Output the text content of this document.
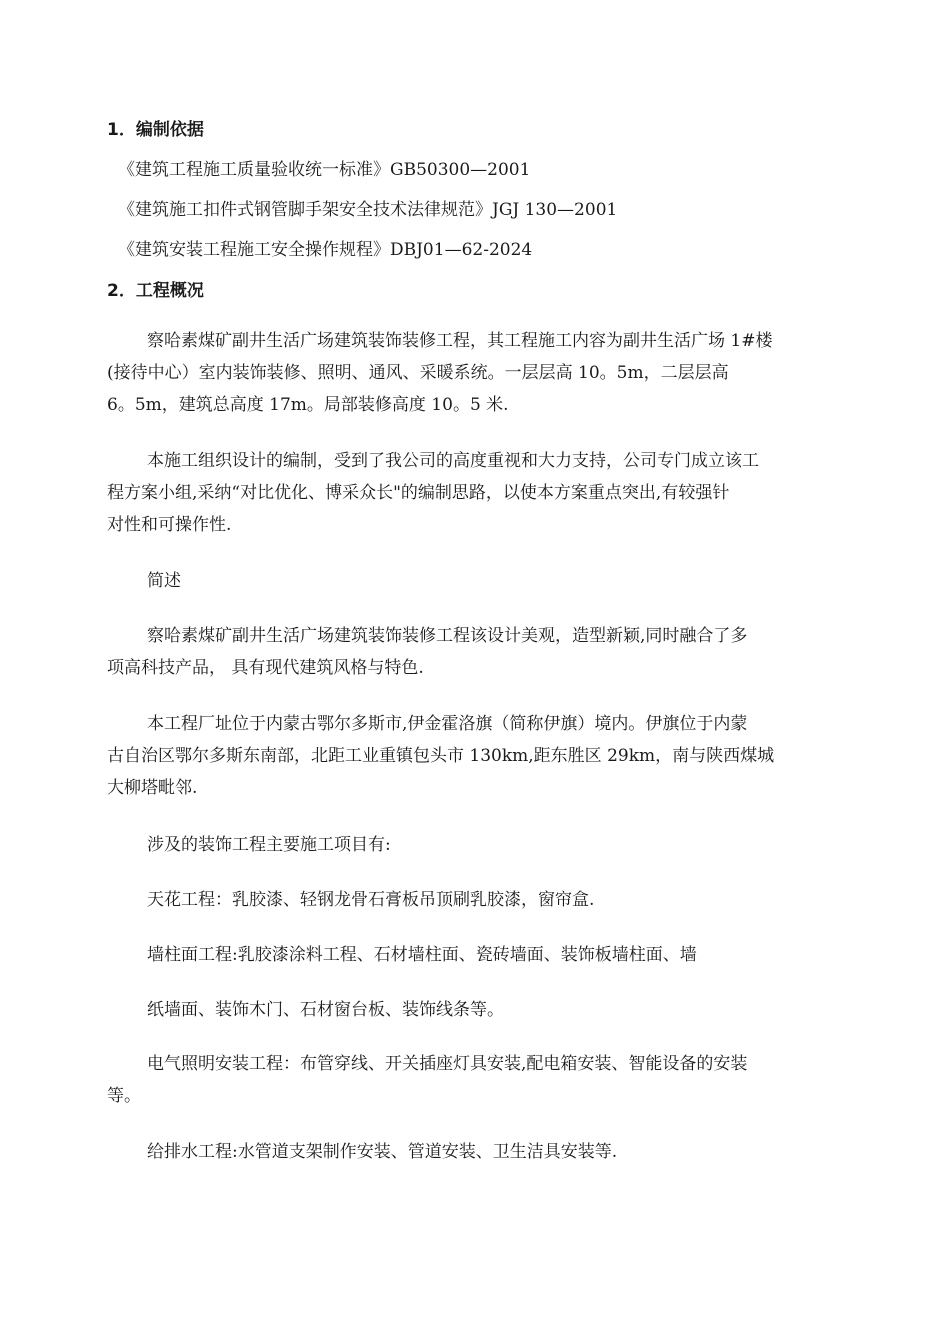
1．编制依据
《建筑工程施工质量验收统一标准》GB50300—2001
《建筑施工扣件式钢管脚手架安全技术法律规范》JGJ 130—2001
《建筑安装工程施工安全操作规程》DBJ01—62-2024
2．工程概况
察哈素煤矿副井生活广场建筑装饰装修工程，其工程施工内容为副井生活广场 1#楼
(接待中心）室内装饰装修、照明、通风、采暖系统。一层层高 10。5m，二层层高
6。5m，建筑总高度 17m。局部装修高度 10。5 米.
本施工组织设计的编制，受到了我公司的高度重视和大力支持，公司专门成立该工
程方案小组,采纳“对比优化、博采众长"的编制思路，以使本方案重点突出,有较强针
对性和可操作性.
简述
察哈素煤矿副井生活广场建筑装饰装修工程该设计美观，造型新颖,同时融合了多
项高科技产品， 具有现代建筑风格与特色.
本工程厂址位于内蒙古鄂尔多斯市,伊金霍洛旗（简称伊旗）境内。伊旗位于内蒙
古自治区鄂尔多斯东南部，北距工业重镇包头市 130km,距东胜区 29km，南与陕西煤城
大柳塔毗邻.
涉及的装饰工程主要施工项目有:
天花工程：乳胶漆、轻钢龙骨石膏板吊顶刷乳胶漆，窗帘盒.
墙柱面工程:乳胶漆涂料工程、石材墙柱面、瓷砖墙面、装饰板墙柱面、墙
纸墙面、装饰木门、石材窗台板、装饰线条等。
电气照明安装工程：布管穿线、开关插座灯具安装,配电箱安装、智能设备的安装
等。
给排水工程:水管道支架制作安装、管道安装、卫生洁具安装等.
